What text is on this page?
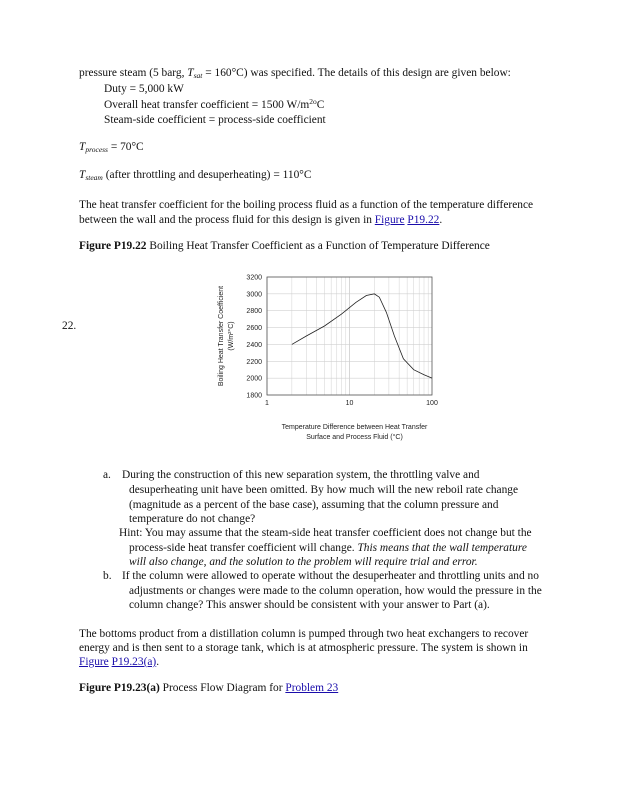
pressure steam (5 barg, $T_{sat} = 160^\circ C$) was specified. The details of this design are given below:
Duty = 5,000 kW
Overall heat transfer coefficient = 1500 $W/m^{2o}C$
Steam-side coefficient = process-side coefficient
$T_{process} = 70^\circ C$
$T_{steam}$ (after throttling and desuperheating) = 110°C
The heat transfer coefficient for the boiling process fluid as a function of the temperature difference
between the wall and the process fluid for this design is given in Figure P19.22.
Figure P19.22 Boiling Heat Transfer Coefficient as a Function of Temperature Difference
22.
1800
2000
2200
2400
2600
2800
3000
3200
1	10	100
Boiling Heat Transfer Coefficient (W/m²°C)
Temperature Difference between Heat Transfer
Surface and Process Fluid (°C)
a. During the construction of this new separation system, the throttling valve and
desuperheating unit have been omitted. By how much will the new reboil rate change
(magnitude as a percent of the base case), assuming that the column pressure and
temperature do not change?
Hint: You may assume that the steam-side heat transfer coefficient does not change but the
process-side heat transfer coefficient will change. This means that the wall temperature
will also change, and the solution to the problem will require trial and error.
b. If the column were allowed to operate without the desuperheater and throttling units and no
adjustments or changes were made to the column operation, how would the pressure in the
column change? This answer should be consistent with your answer to Part (a).
The bottoms product from a distillation column is pumped through two heat exchangers to recover
energy and is then sent to a storage tank, which is at atmospheric pressure. The system is shown in
Figure P19.23(a).
Figure P19.23(a) Process Flow Diagram for Problem 23
